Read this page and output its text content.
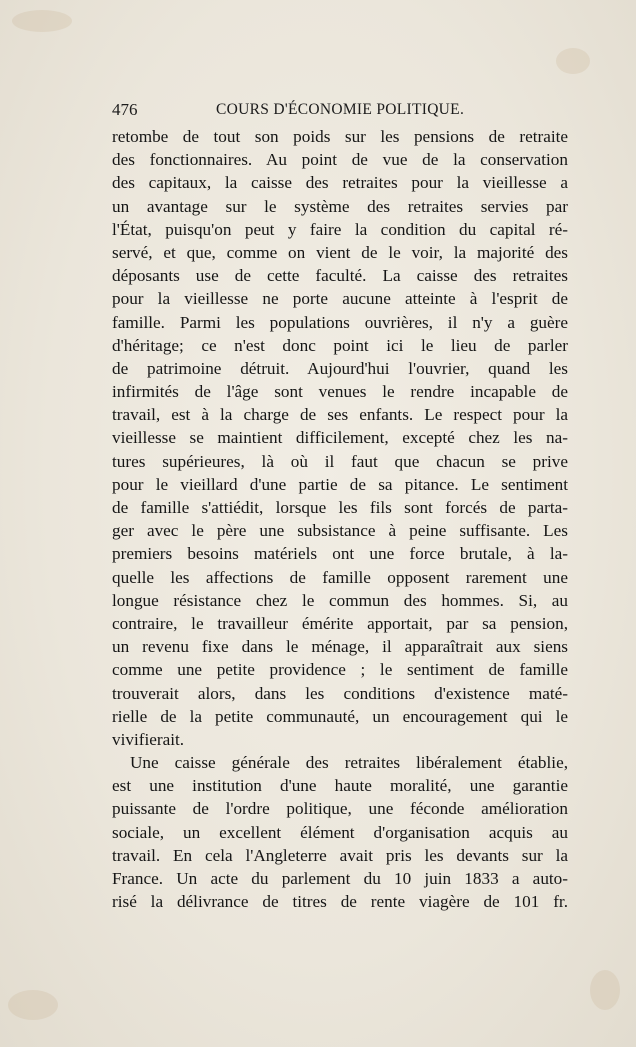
476	COURS D'ÉCONOMIE POLITIQUE.
retombe de tout son poids sur les pensions de retraite
des fonctionnaires. Au point de vue de la conservation
des capitaux, la caisse des retraites pour la vieillesse a
un avantage sur le système des retraites servies par
l'État, puisqu'on peut y faire la condition du capital ré-
servé, et que, comme on vient de le voir, la majorité des
déposants use de cette faculté. La caisse des retraites
pour la vieillesse ne porte aucune atteinte à l'esprit de
famille. Parmi les populations ouvrières, il n'y a guère
d'héritage; ce n'est donc point ici le lieu de parler
de patrimoine détruit. Aujourd'hui l'ouvrier, quand les
infirmités de l'âge sont venues le rendre incapable de
travail, est à la charge de ses enfants. Le respect pour la
vieillesse se maintient difficilement, excepté chez les na-
tures supérieures, là où il faut que chacun se prive
pour le vieillard d'une partie de sa pitance. Le sentiment
de famille s'attiédit, lorsque les fils sont forcés de parta-
ger avec le père une subsistance à peine suffisante. Les
premiers besoins matériels ont une force brutale, à la-
quelle les affections de famille opposent rarement une
longue résistance chez le commun des hommes. Si, au
contraire, le travailleur émérite apportait, par sa pension,
un revenu fixe dans le ménage, il apparaîtrait aux siens
comme une petite providence ; le sentiment de famille
trouverait alors, dans les conditions d'existence maté-
rielle de la petite communauté, un encouragement qui le
vivifierait.
Une caisse générale des retraites libéralement établie,
est une institution d'une haute moralité, une garantie
puissante de l'ordre politique, une féconde amélioration
sociale, un excellent élément d'organisation acquis au
travail. En cela l'Angleterre avait pris les devants sur la
France. Un acte du parlement du 10 juin 1833 a auto-
risé la délivrance de titres de rente viagère de 101 fr.
